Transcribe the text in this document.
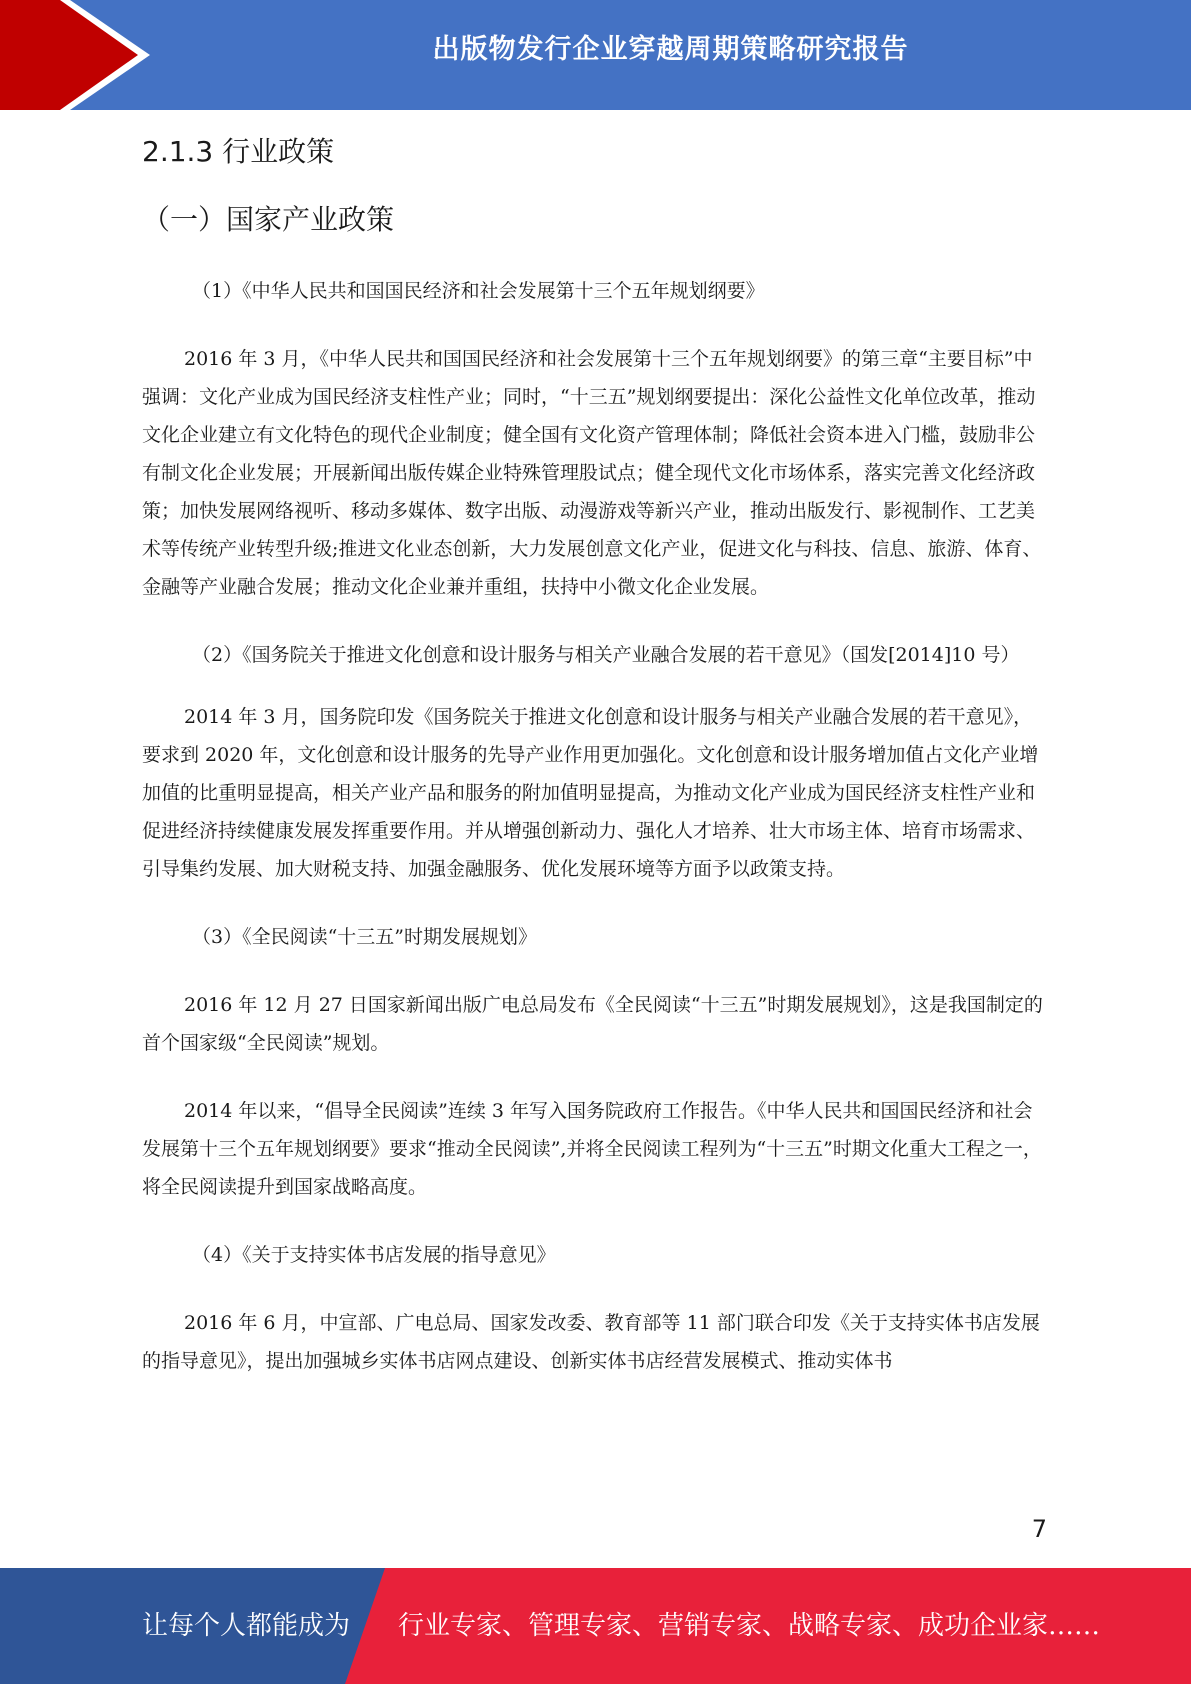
出版物发行企业穿越周期策略研究报告
2.1.3 行业政策
（一）国家产业政策

（1）《中华人民共和国国民经济和社会发展第十三个五年规划纲要》

2016 年 3 月，《中华人民共和国国民经济和社会发展第十三个五年规划纲要》的第三章“主要目标”中强调：文化产业成为国民经济支柱性产业；同时，“十三五”规划纲要提出：深化公益性文化单位改革，推动文化企业建立有文化特色的现代企业制度；健全国有文化资产管理体制；降低社会资本进入门槛，鼓励非公有制文化企业发展；开展新闻出版传媒企业特殊管理股试点；健全现代文化市场体系，落实完善文化经济政策；加快发展网络视听、移动多媒体、数字出版、动漫游戏等新兴产业，推动出版发行、影视制作、工艺美术等传统产业转型升级;推进文化业态创新，大力发展创意文化产业，促进文化与科技、信息、旅游、体育、金融等产业融合发展；推动文化企业兼并重组，扶持中小微文化企业发展。

（2）《国务院关于推进文化创意和设计服务与相关产业融合发展的若干意见》（国发[2014]10 号）

2014 年 3 月，国务院印发《国务院关于推进文化创意和设计服务与相关产业融合发展的若干意见》，要求到 2020 年，文化创意和设计服务的先导产业作用更加强化。文化创意和设计服务增加值占文化产业增加值的比重明显提高，相关产业产品和服务的附加值明显提高，为推动文化产业成为国民经济支柱性产业和促进经济持续健康发展发挥重要作用。并从增强创新动力、强化人才培养、壮大市场主体、培育市场需求、引导集约发展、加大财税支持、加强金融服务、优化发展环境等方面予以政策支持。

（3）《全民阅读“十三五”时期发展规划》

2016 年 12 月 27 日国家新闻出版广电总局发布《全民阅读“十三五”时期发展规划》，这是我国制定的首个国家级“全民阅读”规划。

2014 年以来，“倡导全民阅读”连续 3 年写入国务院政府工作报告。《中华人民共和国国民经济和社会发展第十三个五年规划纲要》要求“推动全民阅读”,并将全民阅读工程列为“十三五”时期文化重大工程之一，将全民阅读提升到国家战略高度。

（4）《关于支持实体书店发展的指导意见》

2016 年 6 月，中宣部、广电总局、国家发改委、教育部等 11 部门联合印发《关于支持实体书店发展的指导意见》，提出加强城乡实体书店网点建设、创新实体书店经营发展模式、推动实体书

7
让每个人都能成为 行业专家、管理专家、营销专家、战略专家、成功企业家……
